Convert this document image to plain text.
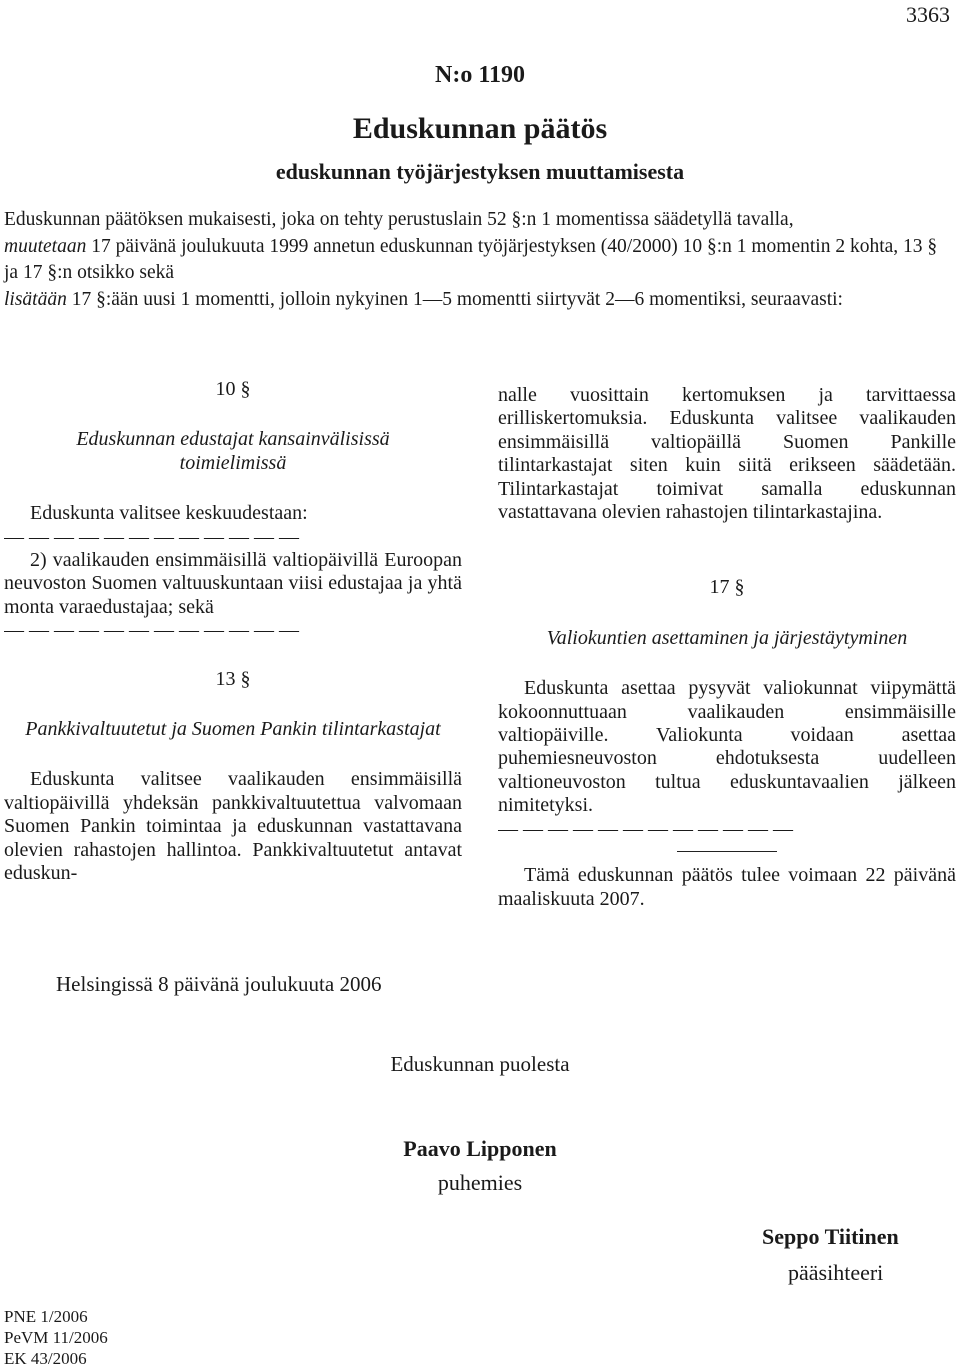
3363
N:o 1190
Eduskunnan päätös
eduskunnan työjärjestyksen muuttamisesta

Eduskunnan päätöksen mukaisesti, joka on tehty perustuslain 52 §:n 1 momentissa säädetyllä tavalla,

muutetaan 17 päivänä joulukuuta 1999 annetun eduskunnan työjärjestyksen (40/2000) 10 §:n 1 momentin 2 kohta, 13 § ja 17 §:n otsikko sekä

lisätään 17 §:ään uusi 1 momentti, jolloin nykyinen 1—5 momentti siirtyvät 2—6 momentiksi, seuraavasti:

10 §
Eduskunnan edustajat kansainvälisissä toimielimissä

Eduskunta valitsee keskuudestaan:

— — — — — — — — — — — —

2) vaalikauden ensimmäisillä valtiopäivillä Euroopan neuvoston Suomen valtuuskuntaan viisi edustajaa ja yhtä monta varaedustajaa; sekä

— — — — — — — — — — — —
13 §
Pankkivaltuutetut ja Suomen Pankin tilintarkastajat

Eduskunta valitsee vaalikauden ensimmäisillä valtiopäivillä yhdeksän pankkivaltuutettua valvomaan Suomen Pankin toimintaa ja eduskunnan vastattavana olevien rahastojen hallintoa. Pankkivaltuutetut antavat eduskun-

nalle vuosittain kertomuksen ja tarvittaessa erilliskertomuksia. Eduskunta valitsee vaalikauden ensimmäisillä valtiopäillä Suomen Pankille tilintarkastajat siten kuin siitä erikseen säädetään. Tilintarkastajat toimivat samalla eduskunnan vastattavana olevien rahastojen tilintarkastajina.

17 §
Valiokuntien asettaminen ja järjestäytyminen

Eduskunta asettaa pysyvät valiokunnat viipymättä kokoonnuttuaan vaalikauden ensimmäisille valtiopäiville. Valiokunta voidaan asettaa puhemiesneuvoston ehdotuksesta uudelleen valtioneuvoston tultua eduskuntavaalien jälkeen nimitetyksi.

— — — — — — — — — — — —

Tämä eduskunnan päätös tulee voimaan 22 päivänä maaliskuuta 2007.

Helsingissä 8 päivänä joulukuuta 2006
Eduskunnan puolesta
Paavo Lipponen
puhemies
Seppo Tiitinen
pääsihteeri
PNE 1/2006
PeVM 11/2006
EK 43/2006
